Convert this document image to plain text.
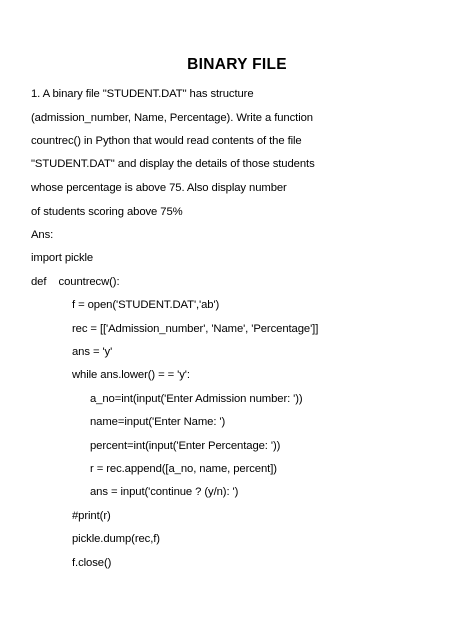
BINARY FILE
1. A binary file "STUDENT.DAT" has structure
(admission_number, Name, Percentage). Write a function
countrec() in Python that would read contents of the file
"STUDENT.DAT" and display the details of those students
whose percentage is above 75. Also display number
of students scoring above 75%
Ans:
import pickle
def    countrecw():
f = open('STUDENT.DAT','ab')
rec = [['Admission_number', 'Name', 'Percentage']]
ans = 'y'
while ans.lower() = = 'y':
a_no=int(input('Enter Admission number: '))
name=input('Enter Name: ')
percent=int(input('Enter Percentage: '))
r = rec.append([a_no, name, percent])
ans = input('continue ? (y/n): ')
#print(r)
pickle.dump(rec,f)
f.close()
